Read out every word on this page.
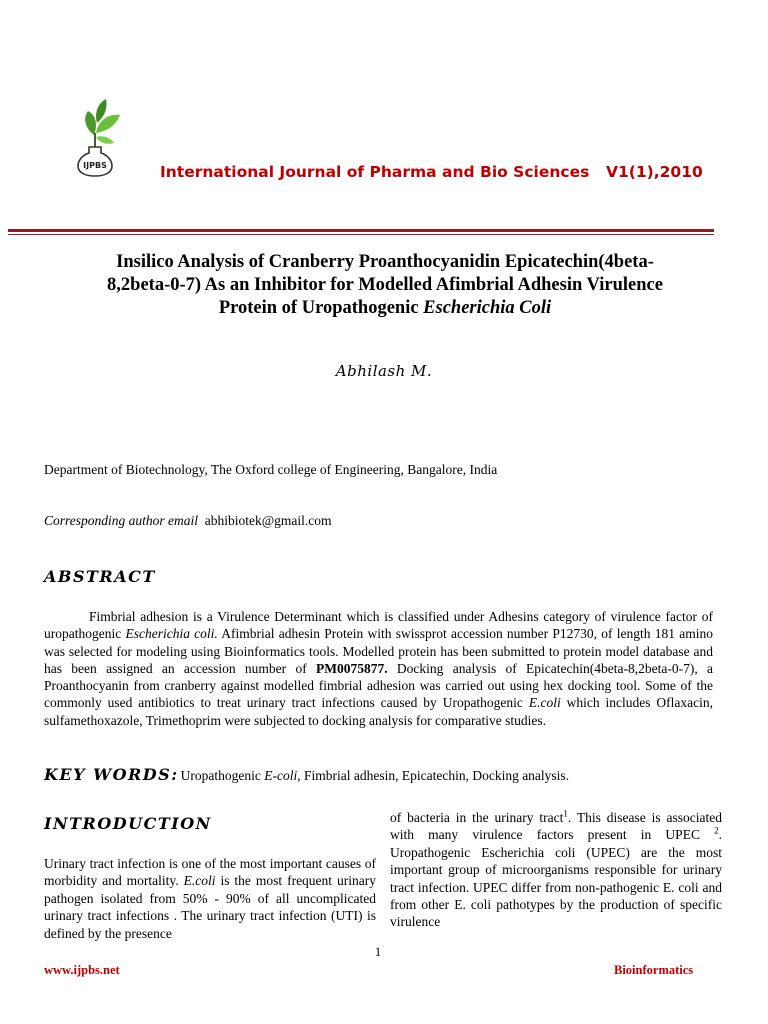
IJPBS	International Journal of Pharma and Bio Sciences V1(1),2010
Insilico Analysis of Cranberry Proanthocyanidin Epicatechin(4beta-
8,2beta-0-7) As an Inhibitor for Modelled Afimbrial Adhesin Virulence
Protein of Uropathogenic Escherichia Coli
Abhilash M.
Department of Biotechnology, The Oxford college of Engineering, Bangalore, India
Corresponding author email abhibiotek@gmail.com
ABSTRACT
Fimbrial adhesion is a Virulence Determinant which is classified under Adhesins category of virulence factor of uropathogenic Escherichia coli. Afimbrial adhesin Protein with swissprot accession number P12730, of length 181 amino was selected for modeling using Bioinformatics tools. Modelled protein has been submitted to protein model database and has been assigned an accession number of PM0075877. Docking analysis of Epicatechin(4beta-8,2beta-0-7), a Proanthocyanin from cranberry against modelled fimbrial adhesion was carried out using hex docking tool. Some of the commonly used antibiotics to treat urinary tract infections caused by Uropathogenic E.coli which includes Oflaxacin, sulfamethoxazole, Trimethoprim were subjected to docking analysis for comparative studies.
KEY WORDS: Uropathogenic E-coli, Fimbrial adhesin, Epicatechin, Docking analysis.
INTRODUCTION
Urinary tract infection is one of the most important causes of morbidity and mortality. E.coli is the most frequent urinary pathogen isolated from 50% - 90% of all uncomplicated urinary tract infections . The urinary tract infection (UTI) is defined by the presence
of bacteria in the urinary tract$^1$. This disease is associated with many virulence factors present in UPEC $^2$. Uropathogenic Escherichia coli (UPEC) are the most important group of microorganisms responsible for urinary tract infection. UPEC differ from non-pathogenic E. coli and from other E. coli pathotypes by the production of specific virulence
1
www.ijpbs.net	Bioinformatics
